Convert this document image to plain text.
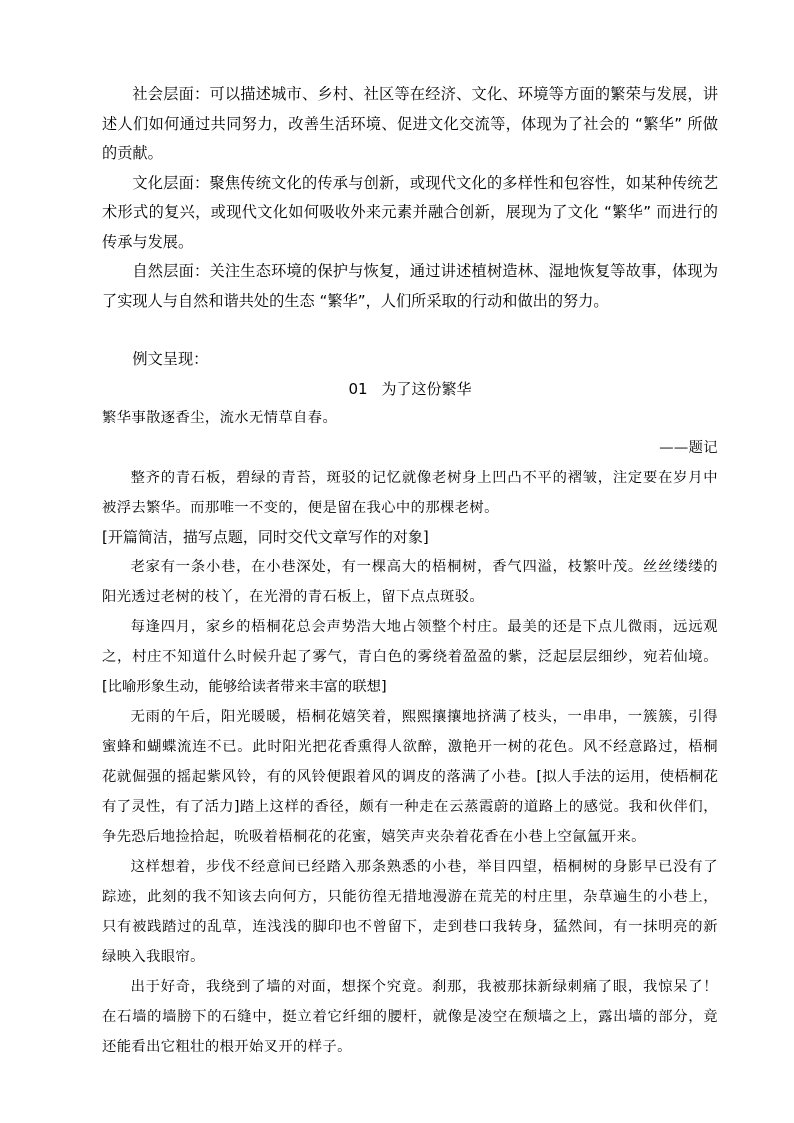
社会层面：可以描述城市、乡村、社区等在经济、文化、环境等方面的繁荣与发展，讲述人们如何通过共同努力，改善生活环境、促进文化交流等，体现为了社会的 “繁华” 所做的贡献。

文化层面：聚焦传统文化的传承与创新，或现代文化的多样性和包容性，如某种传统艺术形式的复兴，或现代文化如何吸收外来元素并融合创新，展现为了文化 “繁华” 而进行的传承与发展。

自然层面：关注生态环境的保护与恢复，通过讲述植树造林、湿地恢复等故事，体现为了实现人与自然和谐共处的生态 “繁华”，人们所采取的行动和做出的努力。

例文呈现：

01 为了这份繁华

繁华事散逐香尘，流水无情草自春。

——题记

整齐的青石板，碧绿的青苔，斑驳的记忆就像老树身上凹凸不平的褶皱，注定要在岁月中被浮去繁华。而那唯一不变的，便是留在我心中的那棵老树。

[开篇简洁，描写点题，同时交代文章写作的对象]

老家有一条小巷，在小巷深处，有一棵高大的梧桐树，香气四溢，枝繁叶茂。丝丝缕缕的阳光透过老树的枝丫，在光滑的青石板上，留下点点斑驳。

每逢四月，家乡的梧桐花总会声势浩大地占领整个村庄。最美的还是下点儿微雨，远远观之，村庄不知道什么时候升起了雾气，青白色的雾绕着盈盈的紫，泛起层层细纱，宛若仙境。[比喻形象生动，能够给读者带来丰富的联想]

无雨的午后，阳光暖暖，梧桐花嬉笑着，熙熙攘攘地挤满了枝头，一串串，一簇簇，引得蜜蜂和蝴蝶流连不已。此时阳光把花香熏得人欲醉，激艳开一树的花色。风不经意路过，梧桐花就倔强的摇起紫风铃，有的风铃便跟着风的调皮的落满了小巷。[拟人手法的运用，使梧桐花有了灵性，有了活力]踏上这样的香径，颇有一种走在云蒸霞蔚的道路上的感觉。我和伙伴们，争先恐后地捡拾起，吮吸着梧桐花的花蜜，嬉笑声夹杂着花香在小巷上空氤氲开来。

这样想着，步伐不经意间已经踏入那条熟悉的小巷，举目四望，梧桐树的身影早已没有了踪迹，此刻的我不知该去向何方，只能彷徨无措地漫游在荒芜的村庄里，杂草遍生的小巷上，只有被践踏过的乱草，连浅浅的脚印也不曾留下，走到巷口我转身，猛然间，有一抹明亮的新绿映入我眼帘。

出于好奇，我绕到了墙的对面，想探个究竟。刹那，我被那抹新绿刺痛了眼，我惊呆了！在石墙的墙膀下的石缝中，挺立着它纤细的腰杆，就像是凌空在颓墙之上，露出墙的部分，竟还能看出它粗壮的根开始叉开的样子。
